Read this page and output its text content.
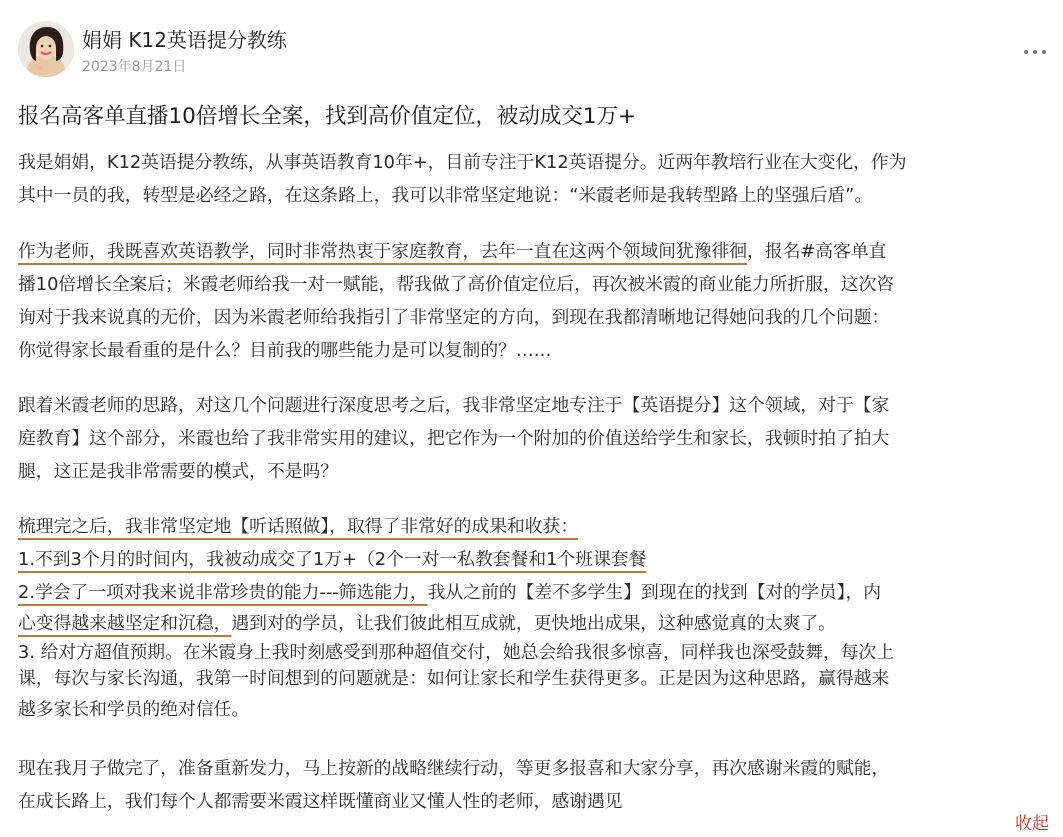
娟娟 K12英语提分教练
2023年8月21日
报名高客单直播10倍增长全案，找到高价值定位，被动成交1万+
我是娟娟，K12英语提分教练，从事英语教育10年+，目前专注于K12英语提分。近两年教培行业在大变化，作为
其中一员的我，转型是必经之路，在这条路上，我可以非常坚定地说：“米霞老师是我转型路上的坚强后盾”。
作为老师，我既喜欢英语教学，同时非常热衷于家庭教育，去年一直在这两个领域间犹豫徘徊，报名#高客单直
播10倍增长全案后；米霞老师给我一对一赋能，帮我做了高价值定位后，再次被米霞的商业能力所折服，这次咨
询对于我来说真的无价，因为米霞老师给我指引了非常坚定的方向，到现在我都清晰地记得她问我的几个问题：
你觉得家长最看重的是什么？目前我的哪些能力是可以复制的？……
跟着米霞老师的思路，对这几个问题进行深度思考之后，我非常坚定地专注于【英语提分】这个领域，对于【家
庭教育】这个部分，米霞也给了我非常实用的建议，把它作为一个附加的价值送给学生和家长，我顿时拍了拍大
腿，这正是我非常需要的模式，不是吗？
梳理完之后，我非常坚定地【听话照做】，取得了非常好的成果和收获：
1.不到3个月的时间内，我被动成交了1万+（2个一对一私教套餐和1个班课套餐
2.学会了一项对我来说非常珍贵的能力---筛选能力，我从之前的【差不多学生】到现在的找到【对的学员】，内
心变得越来越坚定和沉稳，遇到对的学员，让我们彼此相互成就，更快地出成果，这种感觉真的太爽了。
3. 给对方超值预期。在米霞身上我时刻感受到那种超值交付，她总会给我很多惊喜，同样我也深受鼓舞，每次上
课，每次与家长沟通，我第一时间想到的问题就是：如何让家长和学生获得更多。正是因为这种思路，赢得越来
越多家长和学员的绝对信任。
现在我月子做完了，准备重新发力，马上按新的战略继续行动，等更多报喜和大家分享，再次感谢米霞的赋能，
在成长路上，我们每个人都需要米霞这样既懂商业又懂人性的老师，感谢遇见
收起
